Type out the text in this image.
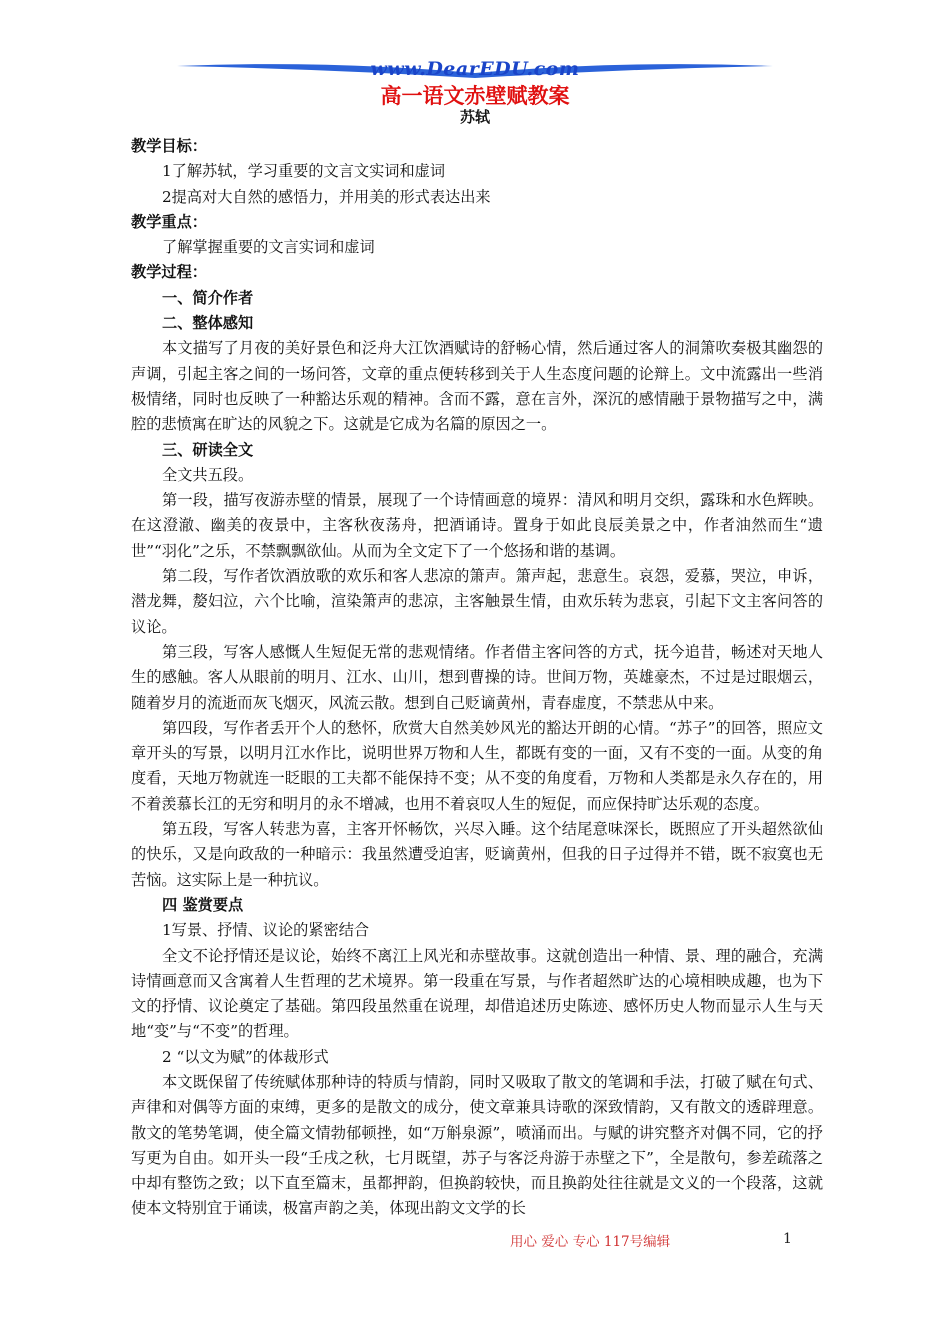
www.DearEDU.com
高一语文赤壁赋教案
苏轼

教学目标：

1了解苏轼，学习重要的文言文实词和虚词

2提高对大自然的感悟力，并用美的形式表达出来

教学重点：

了解掌握重要的文言实词和虚词

教学过程：

一、简介作者

二、整体感知

本文描写了月夜的美好景色和泛舟大江饮酒赋诗的舒畅心情，然后通过客人的洞箫吹奏极其幽怨的声调，引起主客之间的一场问答，文章的重点便转移到关于人生态度问题的论辩上。文中流露出一些消极情绪，同时也反映了一种豁达乐观的精神。含而不露，意在言外，深沉的感情融于景物描写之中，满腔的悲愤寓在旷达的风貌之下。这就是它成为名篇的原因之一。

三、研读全文

全文共五段。

第一段，描写夜游赤壁的情景，展现了一个诗情画意的境界：清风和明月交织，露珠和水色辉映。在这澄澈、幽美的夜景中，主客秋夜荡舟，把酒诵诗。置身于如此良辰美景之中，作者油然而生“遗世”“羽化”之乐，不禁飘飘欲仙。从而为全文定下了一个悠扬和谐的基调。

第二段，写作者饮酒放歌的欢乐和客人悲凉的箫声。箫声起，悲意生。哀怨，爱慕，哭泣，申诉，潜龙舞，嫠妇泣，六个比喻，渲染箫声的悲凉，主客触景生情，由欢乐转为悲哀，引起下文主客问答的议论。

第三段，写客人感慨人生短促无常的悲观情绪。作者借主客问答的方式，抚今追昔，畅述对天地人生的感触。客人从眼前的明月、江水、山川，想到曹操的诗。世间万物，英雄豪杰，不过是过眼烟云，随着岁月的流逝而灰飞烟灭，风流云散。想到自己贬谪黄州，青春虚度，不禁悲从中来。

第四段，写作者丢开个人的愁怀，欣赏大自然美妙风光的豁达开朗的心情。“苏子”的回答，照应文章开头的写景，以明月江水作比，说明世界万物和人生，都既有变的一面，又有不变的一面。从变的角度看，天地万物就连一眨眼的工夫都不能保持不变；从不变的角度看，万物和人类都是永久存在的，用不着羡慕长江的无穷和明月的永不增减，也用不着哀叹人生的短促，而应保持旷达乐观的态度。

第五段，写客人转悲为喜，主客开怀畅饮，兴尽入睡。这个结尾意味深长，既照应了开头超然欲仙的快乐，又是向政敌的一种暗示：我虽然遭受迫害，贬谪黄州，但我的日子过得并不错，既不寂寞也无苦恼。这实际上是一种抗议。

四 鉴赏要点

1写景、抒情、议论的紧密结合

全文不论抒情还是议论，始终不离江上风光和赤壁故事。这就创造出一种情、景、理的融合，充满诗情画意而又含寓着人生哲理的艺术境界。第一段重在写景，与作者超然旷达的心境相映成趣，也为下文的抒情、议论奠定了基础。第四段虽然重在说理，却借追述历史陈迹、感怀历史人物而显示人生与天地“变”与“不变”的哲理。

2 “以文为赋”的体裁形式

本文既保留了传统赋体那种诗的特质与情韵，同时又吸取了散文的笔调和手法，打破了赋在句式、声律和对偶等方面的束缚，更多的是散文的成分，使文章兼具诗歌的深致情韵，又有散文的透辟理意。散文的笔势笔调，使全篇文情勃郁顿挫，如“万斛泉源”，喷涌而出。与赋的讲究整齐对偶不同，它的抒写更为自由。如开头一段“壬戌之秋，七月既望，苏子与客泛舟游于赤壁之下”，全是散句，参差疏落之中却有整饬之致；以下直至篇末，虽都押韵，但换韵较快，而且换韵处往往就是文义的一个段落，这就使本文特别宜于诵读，极富声韵之美，体现出韵文文学的长

用心 爱心 专心 117号编辑	1
